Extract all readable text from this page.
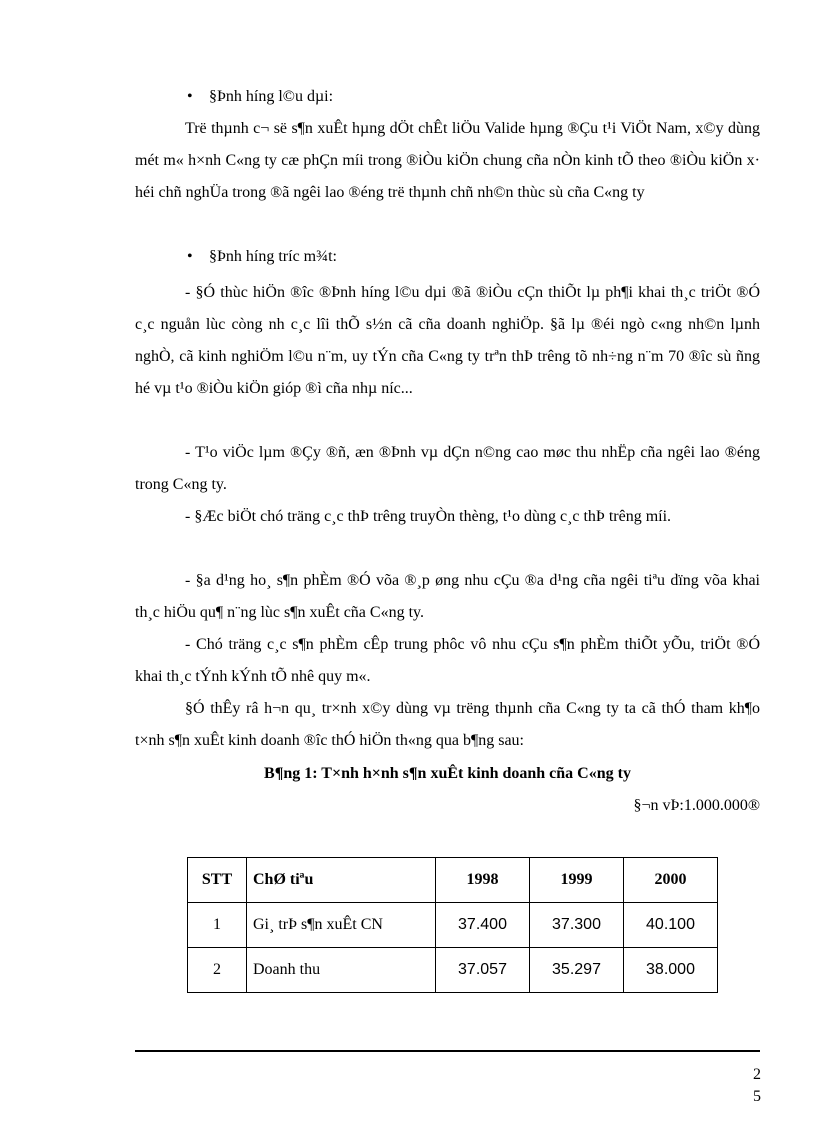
• §Þnh híng l©u dµi:

Trë thµnh c¬ së s¶n xuÊt hµng dÖt chÊt liÖu Valide hµng ®Çu t¹i ViÖt Nam, x©y dùng mét m« h×nh C«ng ty cæ phÇn míi trong ®iÒu kiÖn chung cña nÒn kinh tÕ theo ®iÒu kiÖn x· héi chñ nghÜa trong ®ã ngêi lao ®éng trë thµnh chñ nh©n thùc sù cña C«ng ty

• §Þnh híng tríc m¾t:

- §Ó thùc hiÖn ®îc ®Þnh híng l©u dµi ®ã ®iÒu cÇn thiÕt lµ ph¶i khai th¸c triÖt ®Ó c¸c nguån lùc còng nh c¸c lîi thÕ s½n cã cña doanh nghiÖp. §ã lµ ®éi ngò c«ng nh©n lµnh nghÒ, cã kinh nghiÖm l©u n¨m, uy tÝn cña C«ng ty trªn thÞ trêng tõ nh÷ng n¨m 70 ®îc sù ñng hé vµ t¹o ®iÒu kiÖn gióp ®ì cña nhµ níc...

- T¹o viÖc lµm ®Çy ®ñ, æn ®Þnh vµ dÇn n©ng cao møc thu nhËp cña ngêi lao ®éng trong C«ng ty.

- §Æc biÖt chó träng c¸c thÞ trêng truyÒn thèng, t¹o dùng c¸c thÞ trêng míi.

- §a d¹ng ho¸ s¶n phÈm ®Ó võa ®¸p øng nhu cÇu ®a d¹ng cña ngêi tiªu dïng võa khai th¸c hiÖu qu¶ n¨ng lùc s¶n xuÊt cña C«ng ty.

- Chó träng c¸c s¶n phÈm cÊp trung phôc vô nhu cÇu s¶n phÈm thiÕt yÕu, triÖt ®Ó khai th¸c tÝnh kÝnh tÕ nhê quy m«.

§Ó thÊy râ h¬n qu¸ tr×nh x©y dùng vµ trëng thµnh cña C«ng ty ta cã thÓ tham kh¶o t×nh s¶n xuÊt kinh doanh ®îc thÓ hiÖn th«ng qua b¶ng sau:

B¶ng 1: T×nh h×nh s¶n xuÊt kinh doanh cña C«ng ty
§¬n vÞ:1.000.000®
STT	ChØ tiªu	1998	1999	2000
1	Gi¸ trÞ s¶n xuÊt CN	37.400	37.300	40.100
2	Doanh thu	37.057	35.297	38.000
2
5
